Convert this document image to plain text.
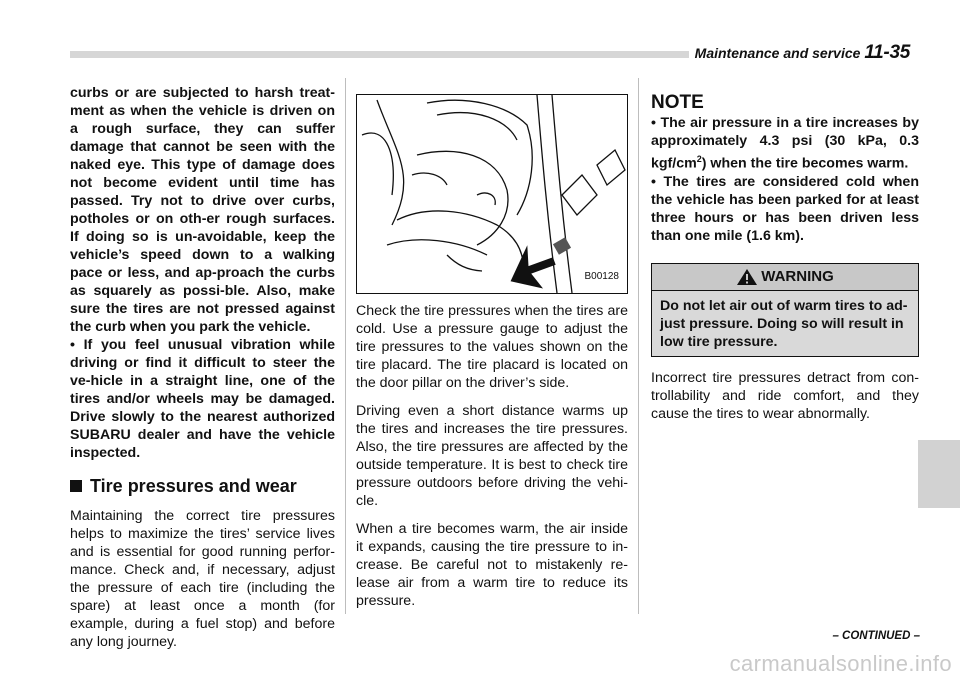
Maintenance and service 11-35

curbs or are subjected to harsh treat-ment as when the vehicle is driven on a rough surface, they can suffer damage that cannot be seen with the naked eye. This type of damage does not become evident until time has passed. Try not to drive over curbs, potholes or on oth-er rough surfaces. If doing so is un-avoidable, keep the vehicle’s speed down to a walking pace or less, and ap-proach the curbs as squarely as possi-ble. Also, make sure the tires are not pressed against the curb when you park the vehicle.

• If you feel unusual vibration while driving or find it difficult to steer the ve-hicle in a straight line, one of the tires and/or wheels may be damaged. Drive slowly to the nearest authorized SUBARU dealer and have the vehicle inspected.

Tire pressures and wear

Maintaining the correct tire pressures helps to maximize the tires’ service lives and is essential for good running perfor-mance. Check and, if necessary, adjust the pressure of each tire (including the spare) at least once a month (for example, during a fuel stop) and before any long journey.

B00128

Check the tire pressures when the tires are cold. Use a pressure gauge to adjust the tire pressures to the values shown on the tire placard. The tire placard is located on the door pillar on the driver’s side.

Driving even a short distance warms up the tires and increases the tire pressures. Also, the tire pressures are affected by the outside temperature. It is best to check tire pressure outdoors before driving the vehi-cle.

When a tire becomes warm, the air inside it expands, causing the tire pressure to in-crease. Be careful not to mistakenly re-lease air from a warm tire to reduce its pressure.

NOTE

• The air pressure in a tire increases by approximately 4.3 psi (30 kPa, 0.3 kgf/$cm^2$) when the tire becomes warm.

• The tires are considered cold when the vehicle has been parked for at least three hours or has been driven less than one mile (1.6 km).

WARNING
Do not let air out of warm tires to ad-just pressure. Doing so will result in low tire pressure.

Incorrect tire pressures detract from con-trollability and ride comfort, and they cause the tires to wear abnormally.

– CONTINUED –
carmanualsonline.info
